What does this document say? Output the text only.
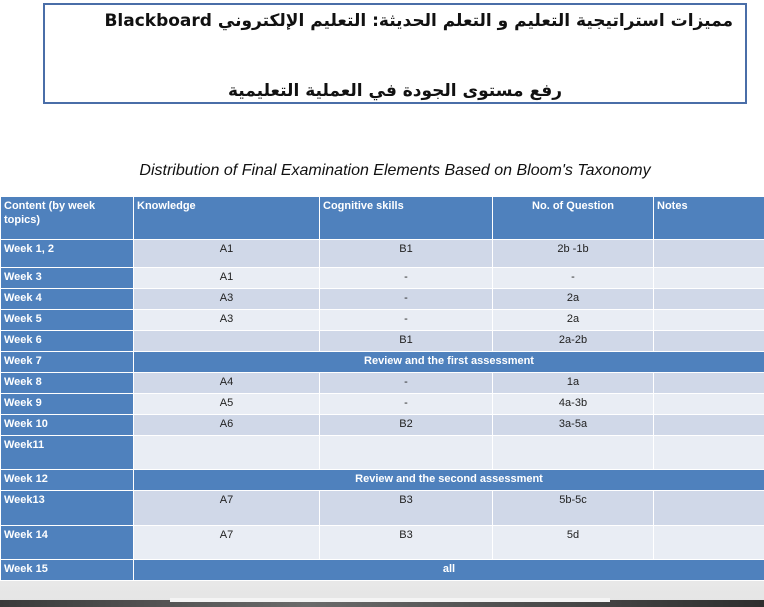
مميزات استراتيجية التعليم و التعلم الحديثة: التعليم الإلكتروني Blackboard
رفع مستوى الجودة في العملية التعليمية
Distribution of Final Examination Elements Based on Bloom's Taxonomy
Content (by week topics)	Knowledge	Cognitive skills	No. of Question	Notes
Week 1, 2	A1	B1	2b -1b	
Week 3	A1	-	-	
Week 4	A3	-	2a	
Week 5	A3	-	2a	
Week 6		B1	2a-2b	
Week 7	Review and the first assessment			
Week 8	A4	-	1a	
Week 9	A5	-	4a-3b	
Week 10	A6	B2	3a-5a	
Week11				
Week 12	Review and the second assessment			
Week13	A7	B3	5b-5c	
Week 14	A7	B3	5d	
Week 15	all			
